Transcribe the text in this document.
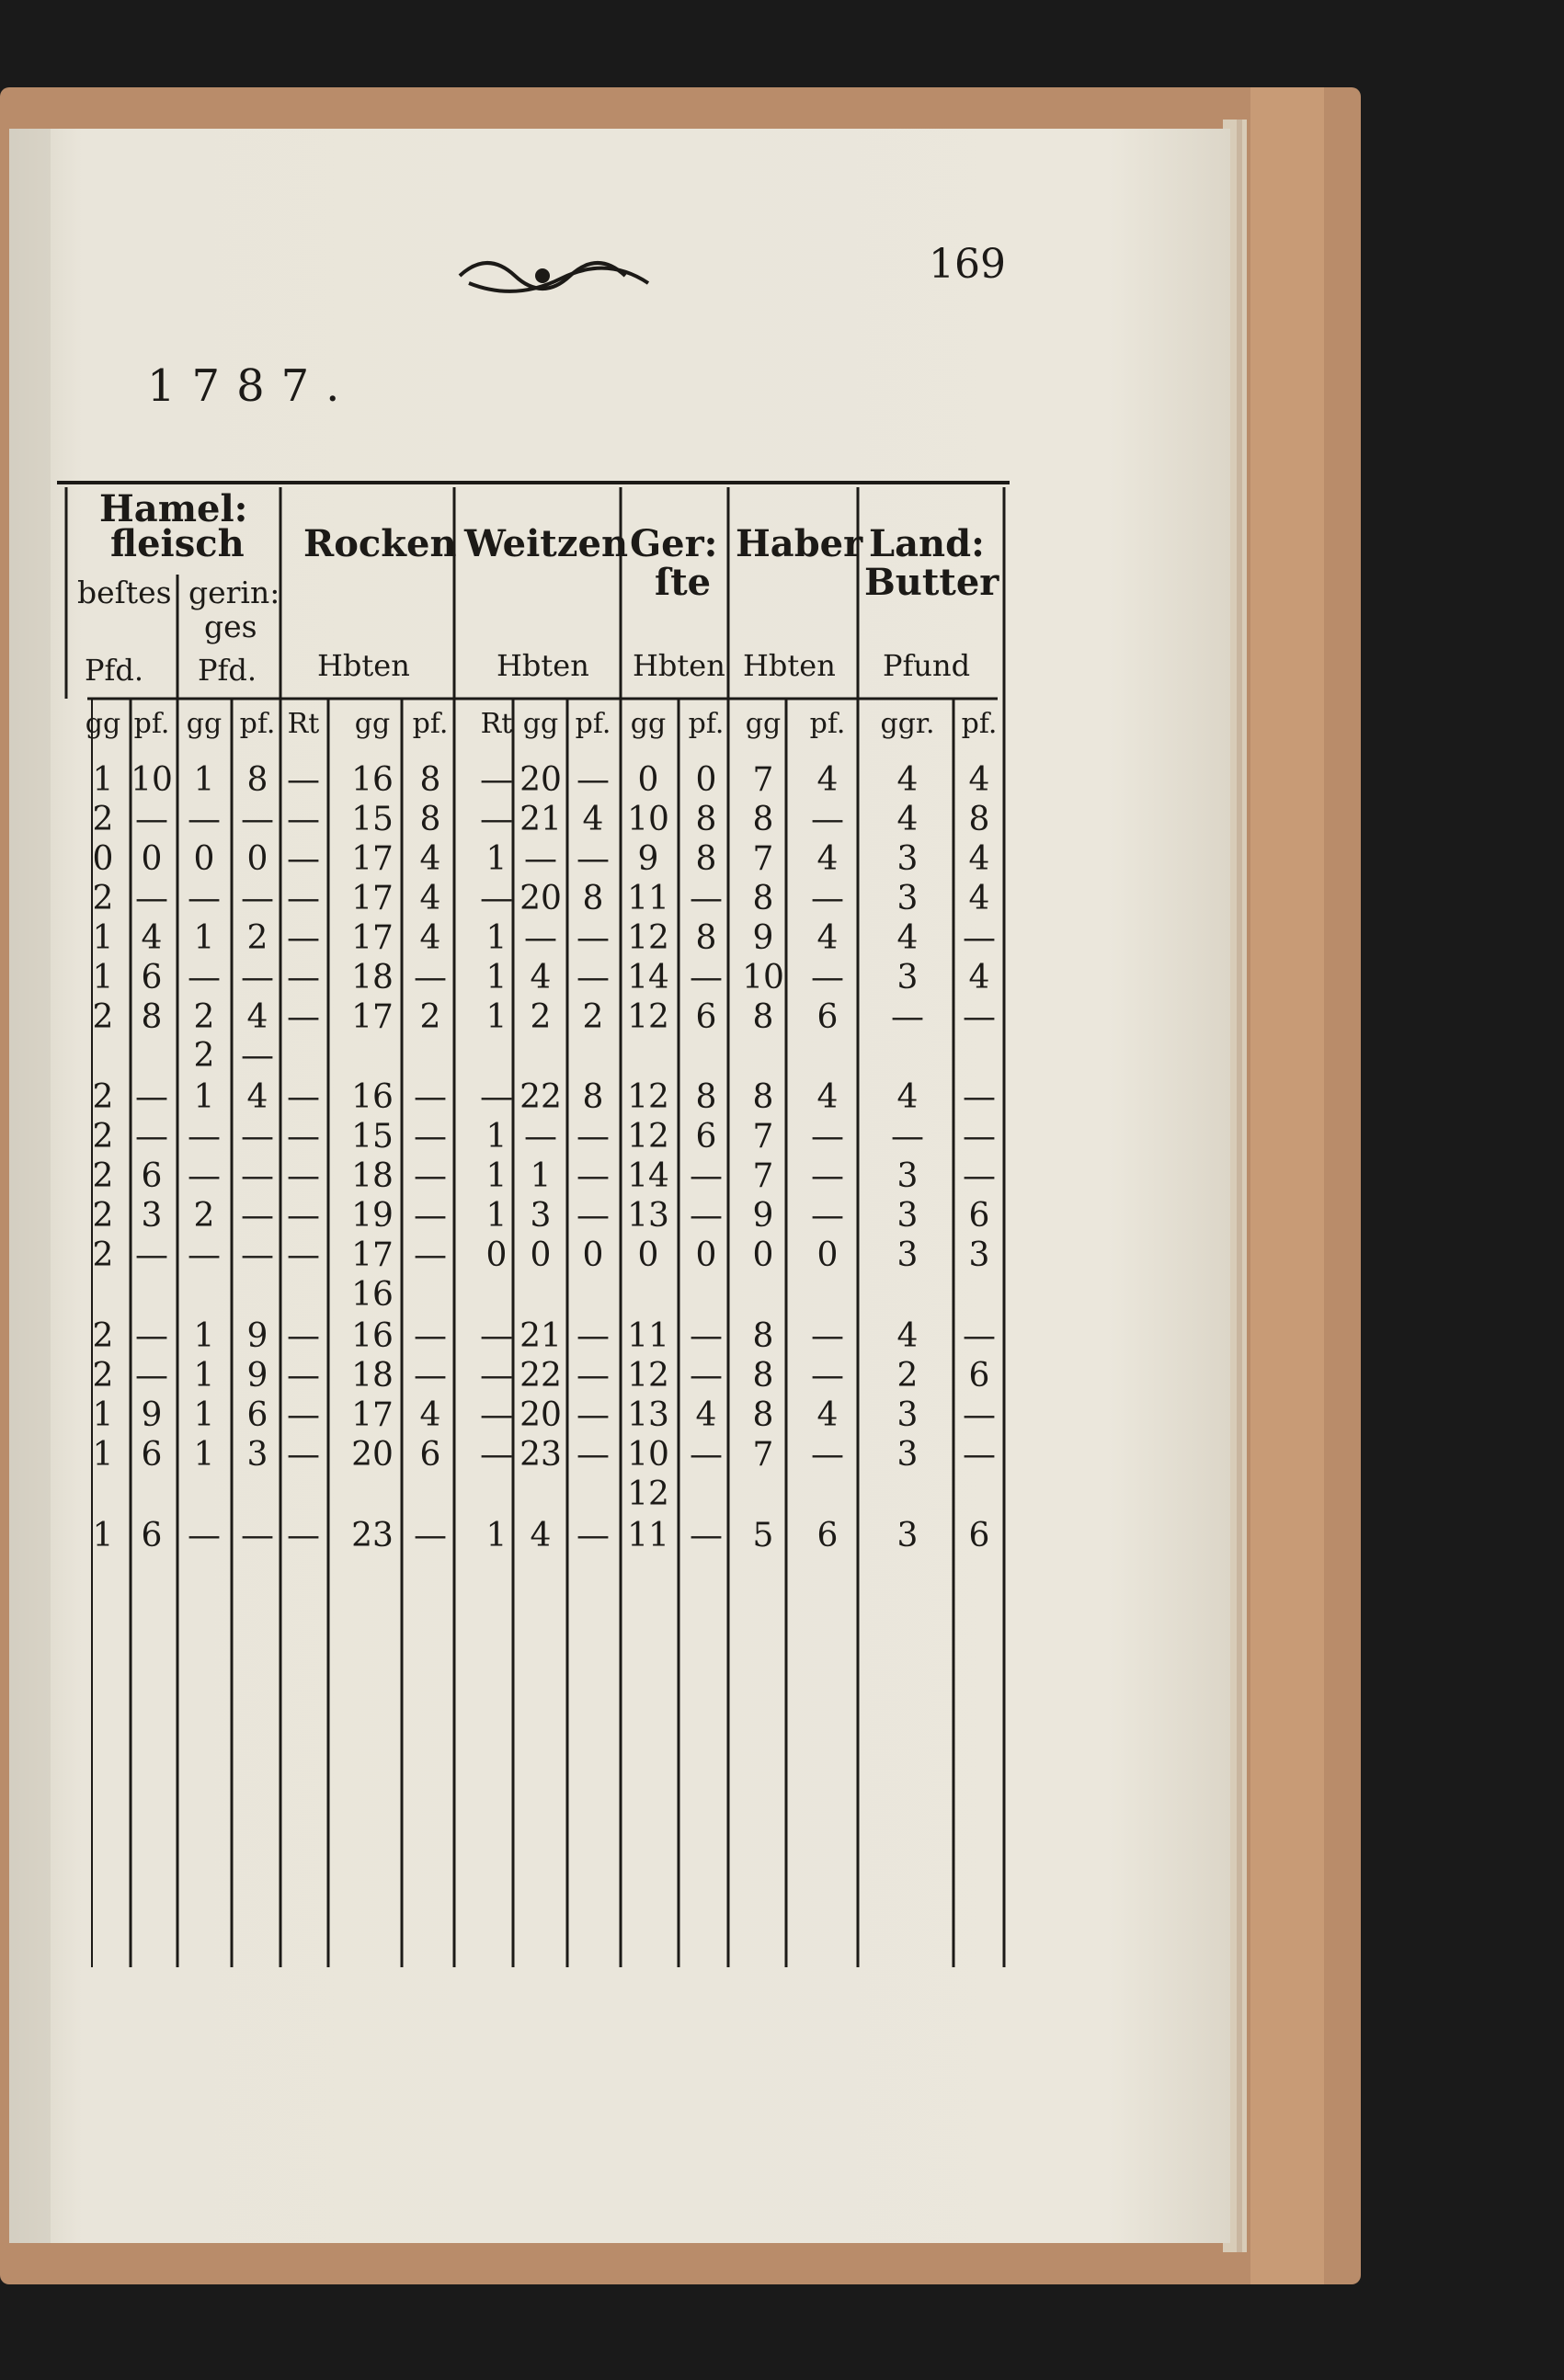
169
1787.
Hamel:
fleisch
beſtes gerin:
ges
Pfd. Pfd.
Rocken
Hbten
Weitzen
Hbten
Ger:
ſte
Hbten
Haber
Hbten
Land:
Butter
Pfund
gg pf. gg pf. Rt gg pf. Rt gg pf. gg pf. gg pf. ggr. pf.
1 10 1 8 — 16 8 — 20 — 0 0 7 4 4 4
2 — — — — 15 8 — 21 4 10 8 8 — 4 8
0 0 0 0 — 17 4 1 — — 9 8 7 4 3 4
2 — — — — 17 4 — 20 8 11 — 8 — 3 4
1 4 1 2 — 17 4 1 — — 12 8 9 4 4 —
1 6 — — — 18 — 1 4 — 14 — 10 — 3 4
2 8 2 4 — 17 2 1 2 2 12 6 8 6 — —
2 —
2 — 1 4 — 16 — — 22 8 12 8 8 4 4 —
2 — — — — 15 — 1 — — 12 6 7 — — —
2 6 — — — 18 — 1 1 — 14 — 7 — 3 —
2 3 2 — — 19 — 1 3 — 13 — 9 — 3 6
2 — — — — 17 — 0 0 0 0 0 0 0 3 3
16
2 — 1 9 — 16 — — 21 — 11 — 8 — 4 —
2 — 1 9 — 18 — — 22 — 12 — 8 — 2 6
1 9 1 6 — 17 4 — 20 — 13 4 8 4 3 —
1 6 1 3 — 20 6 — 23 — 10 — 7 — 3 —
12
1 6 — — — 23 — 1 4 — 11 — 5 6 3 6
